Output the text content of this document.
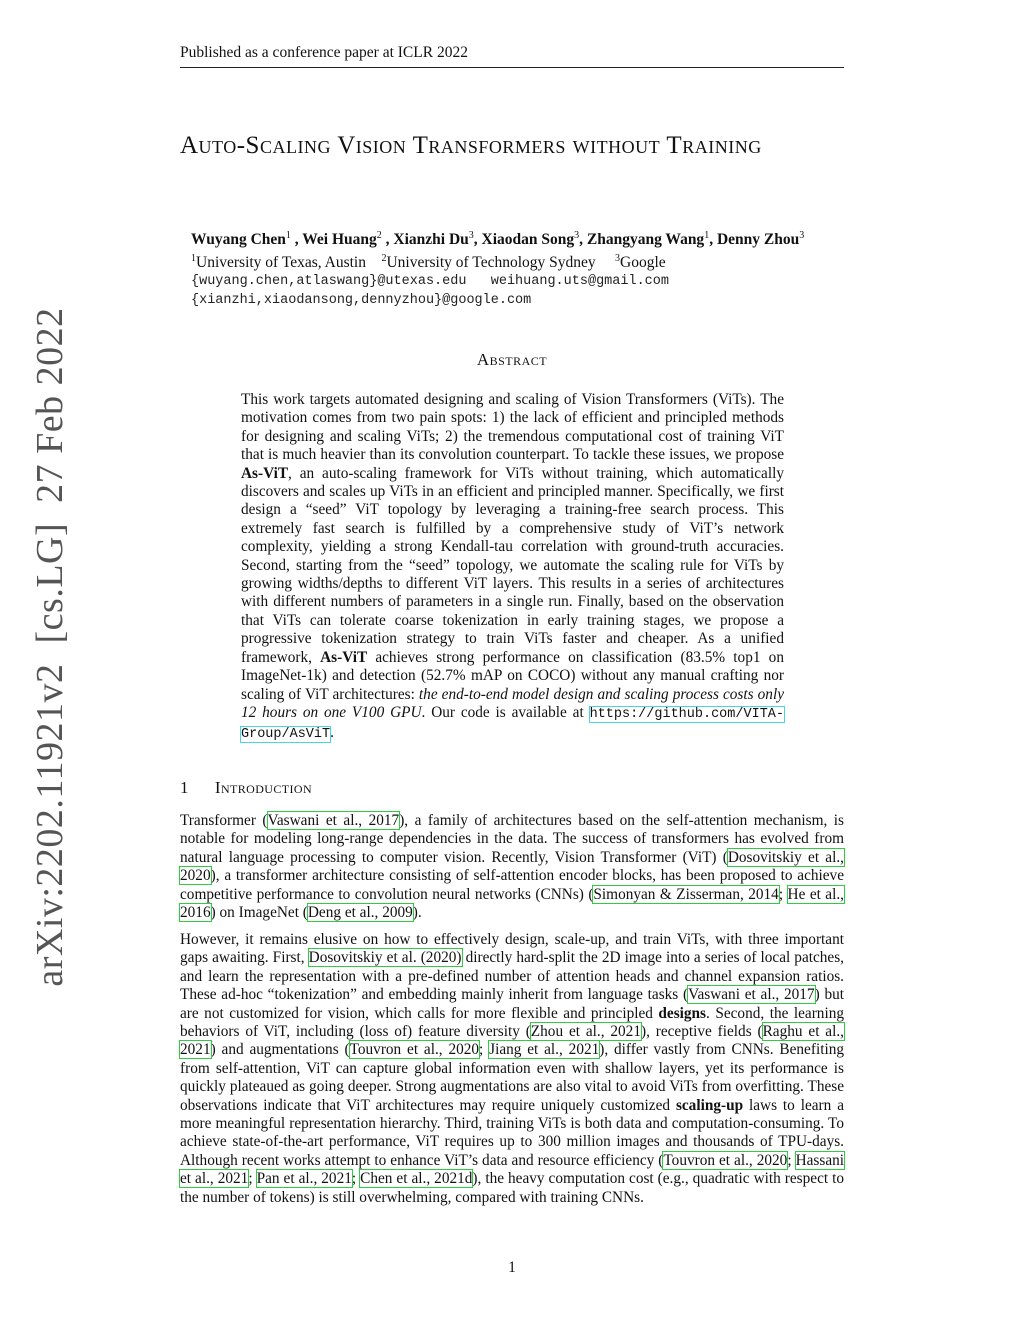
Published as a conference paper at ICLR 2022
Auto-Scaling Vision Transformers without Training
Wuyang Chen$^1$ , Wei Huang$^2$ , Xianzhi Du$^3$, Xiaodan Song$^3$, Zhangyang Wang$^1$, Denny Zhou$^3$
$^1$University of Texas, Austin $^2$University of Technology Sydney $^3$Google
{wuyang.chen,atlaswang}@utexas.edu   weihuang.uts@gmail.com
{xianzhi,xiaodansong,dennyzhou}@google.com
arXiv:2202.11921v2  [cs.LG]  27 Feb 2022	Abstract
This work targets automated designing and scaling of Vision Transformers (ViTs). The motivation comes from two pain spots: 1) the lack of efficient and principled methods for designing and scaling ViTs; 2) the tremendous computational cost of training ViT that is much heavier than its convolution counterpart. To tackle these issues, we propose As-ViT, an auto-scaling framework for ViTs without training, which automatically discovers and scales up ViTs in an efficient and principled manner. Specifically, we first design a “seed” ViT topology by leveraging a training-free search process. This extremely fast search is fulfilled by a comprehensive study of ViT’s network complexity, yielding a strong Kendall-tau correlation with ground-truth accuracies. Second, starting from the “seed” topology, we automate the scaling rule for ViTs by growing widths/depths to different ViT layers. This results in a series of architectures with different numbers of parameters in a single run. Finally, based on the observation that ViTs can tolerate coarse tokenization in early training stages, we propose a progressive tokenization strategy to train ViTs faster and cheaper. As a unified framework, As-ViT achieves strong performance on classification (83.5% top1 on ImageNet-1k) and detection (52.7% mAP on COCO) without any manual crafting nor scaling of ViT architectures: the end-to-end model design and scaling process costs only 12 hours on one V100 GPU. Our code is available at https://github.com/VITA-Group/AsViT.
1 Introduction
Transformer (Vaswani et al., 2017), a family of architectures based on the self-attention mechanism, is notable for modeling long-range dependencies in the data. The success of transformers has evolved from natural language processing to computer vision. Recently, Vision Transformer (ViT) (Dosovitskiy et al., 2020), a transformer architecture consisting of self-attention encoder blocks, has been proposed to achieve competitive performance to convolution neural networks (CNNs) (Simonyan & Zisserman, 2014; He et al., 2016) on ImageNet (Deng et al., 2009).
However, it remains elusive on how to effectively design, scale-up, and train ViTs, with three important gaps awaiting. First, Dosovitskiy et al. (2020) directly hard-split the 2D image into a series of local patches, and learn the representation with a pre-defined number of attention heads and channel expansion ratios. These ad-hoc “tokenization” and embedding mainly inherit from language tasks (Vaswani et al., 2017) but are not customized for vision, which calls for more flexible and principled designs. Second, the learning behaviors of ViT, including (loss of) feature diversity (Zhou et al., 2021), receptive fields (Raghu et al., 2021) and augmentations (Touvron et al., 2020; Jiang et al., 2021), differ vastly from CNNs. Benefiting from self-attention, ViT can capture global information even with shallow layers, yet its performance is quickly plateaued as going deeper. Strong augmentations are also vital to avoid ViTs from overfitting. These observations indicate that ViT architectures may require uniquely customized scaling-up laws to learn a more meaningful representation hierarchy. Third, training ViTs is both data and computation-consuming. To achieve state-of-the-art performance, ViT requires up to 300 million images and thousands of TPU-days. Although recent works attempt to enhance ViT’s data and resource efficiency (Touvron et al., 2020; Hassani et al., 2021; Pan et al., 2021; Chen et al., 2021d), the heavy computation cost (e.g., quadratic with respect to the number of tokens) is still overwhelming, compared with training CNNs.
1
